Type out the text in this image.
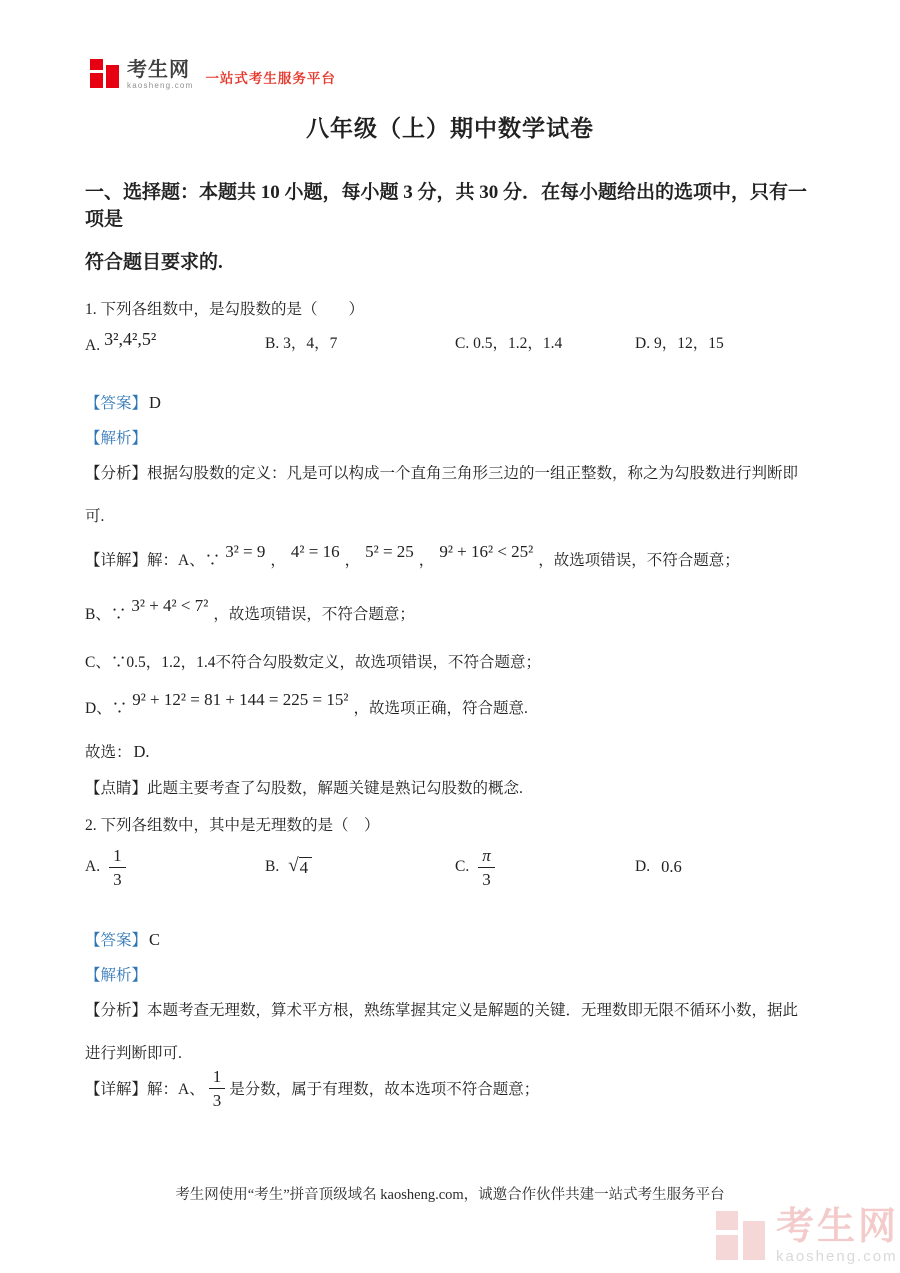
考生网
kaosheng.com 一站式考生服务平台
八年级（上）期中数学试卷
一、选择题：本题共 10 小题，每小题 3 分，共 30 分．在每小题给出的选项中，只有一项是
符合题目要求的.
1. 下列各组数中，是勾股数的是（　　）
A. 3²,4²,5²	B. 3，4，7	C. 0.5，1.2，1.4	D. 9，12，15
【答案】 D
【解析】
【分析】根据勾股数的定义：凡是可以构成一个直角三角形三边的一组正整数，称之为勾股数进行判断即
可.
【详解】解：A、∵ 3² = 9 ， 4² = 16 ， 5² = 25 ， 9² + 16² < 25² ，故选项错误，不符合题意；
B、∵ 3² + 4² < 7² ，故选项错误，不符合题意；
C、∵0.5，1.2，1.4不符合勾股数定义，故选项错误，不符合题意；
D、∵ 9² + 12² = 81 + 144 = 225 = 15² ，故选项正确，符合题意.
故选： D.
【点睛】此题主要考查了勾股数，解题关键是熟记勾股数的概念.
2. 下列各组数中，其中是无理数的是（　）
A. $\frac{1}{3}$	B. √ 4	C. $\frac{\pi}{3}$	D. 0.6
【答案】 C
【解析】
【分析】本题考查无理数，算术平方根，熟练掌握其定义是解题的关键．无理数即无限不循环小数，据此
进行判断即可.
【详解】解：A、 $\frac{1}{3}$ 是分数，属于有理数，故本选项不符合题意；
考生网使用“考生”拼音顶级域名 kaosheng.com，诚邀合作伙伴共建一站式考生服务平台
考生网
kaosheng.com
